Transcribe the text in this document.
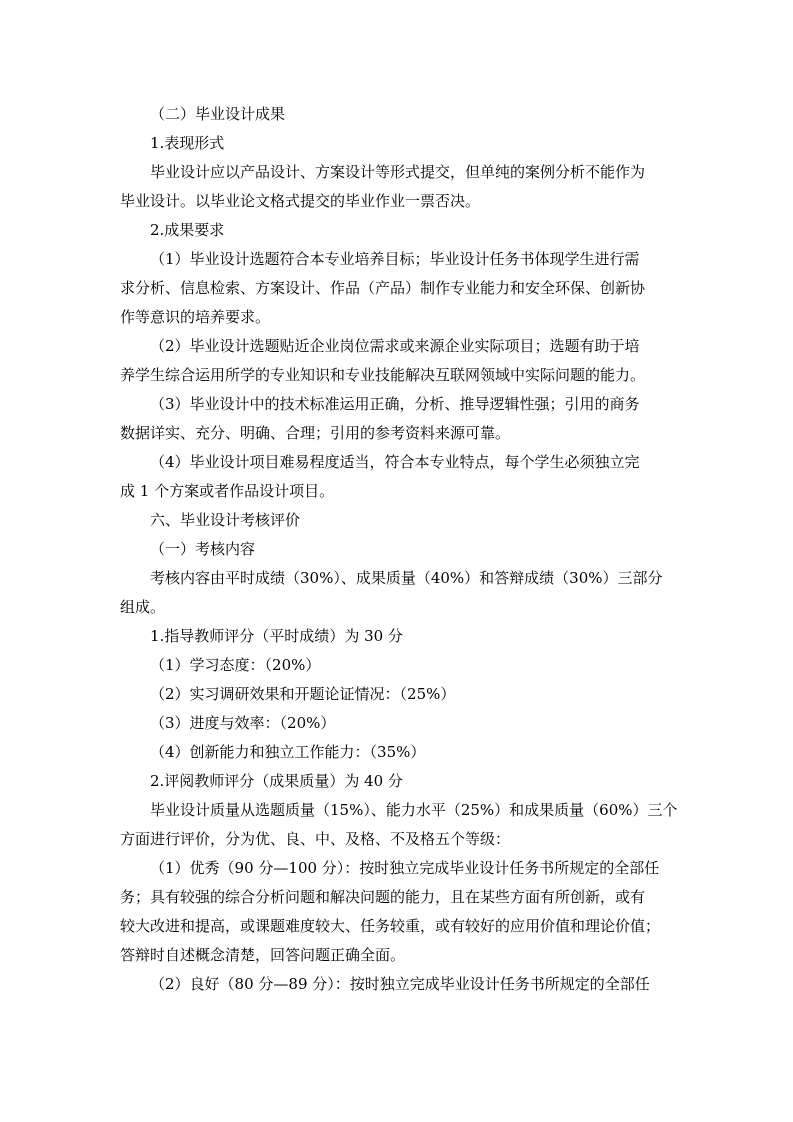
（二）毕业设计成果
1.表现形式
毕业设计应以产品设计、方案设计等形式提交，但单纯的案例分析不能作为
毕业设计。以毕业论文格式提交的毕业作业一票否决。
2.成果要求
（1）毕业设计选题符合本专业培养目标；毕业设计任务书体现学生进行需
求分析、信息检索、方案设计、作品（产品）制作专业能力和安全环保、创新协
作等意识的培养要求。
（2）毕业设计选题贴近企业岗位需求或来源企业实际项目；选题有助于培
养学生综合运用所学的专业知识和专业技能解决互联网领域中实际问题的能力。
（3）毕业设计中的技术标准运用正确，分析、推导逻辑性强；引用的商务
数据详实、充分、明确、合理；引用的参考资料来源可靠。
（4）毕业设计项目难易程度适当，符合本专业特点，每个学生必须独立完
成 1 个方案或者作品设计项目。
六、毕业设计考核评价
（一）考核内容
考核内容由平时成绩（30%）、成果质量（40%）和答辩成绩（30%）三部分
组成。
1.指导教师评分（平时成绩）为 30 分
（1）学习态度：（20%）
（2）实习调研效果和开题论证情况：（25%）
（3）进度与效率：（20%）
（4）创新能力和独立工作能力：（35%）
2.评阅教师评分（成果质量）为 40 分
毕业设计质量从选题质量（15%）、能力水平（25%）和成果质量（60%）三个
方面进行评价，分为优、良、中、及格、不及格五个等级：
（1）优秀（90 分—100 分）：按时独立完成毕业设计任务书所规定的全部任
务；具有较强的综合分析问题和解决问题的能力，且在某些方面有所创新，或有
较大改进和提高，或课题难度较大、任务较重，或有较好的应用价值和理论价值；
答辩时自述概念清楚，回答问题正确全面。
（2）良好（80 分—89 分）：按时独立完成毕业设计任务书所规定的全部任
